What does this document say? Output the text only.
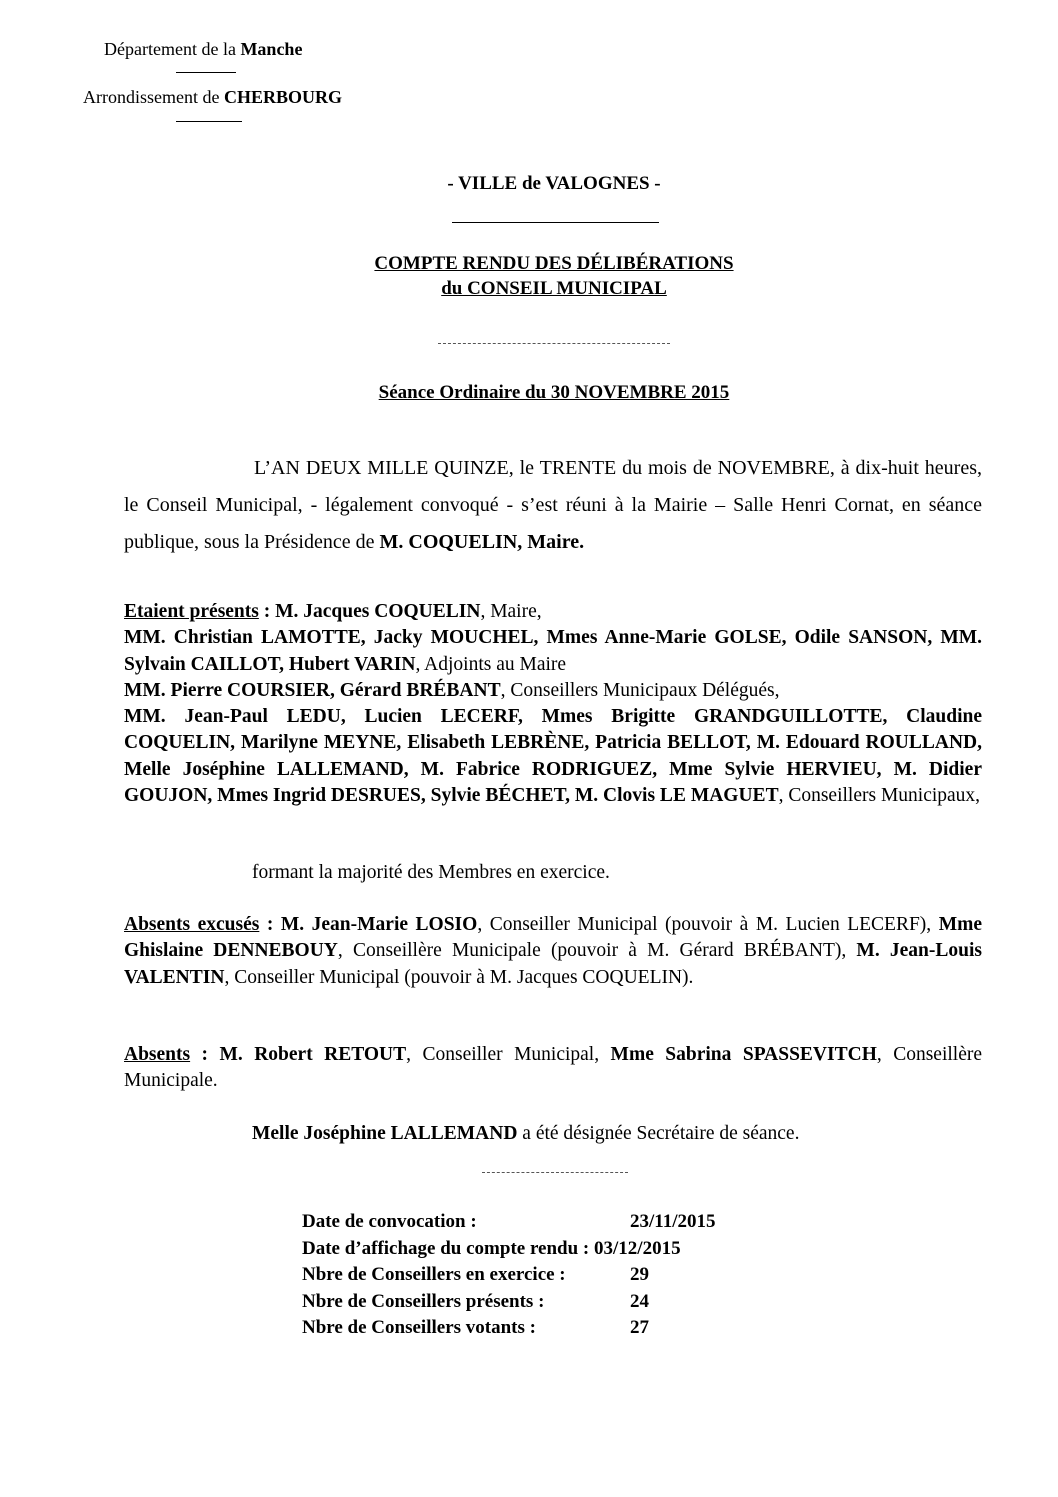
Département de la Manche
Arrondissement de CHERBOURG
- VILLE de VALOGNES -
COMPTE RENDU DES DÉLIBÉRATIONS
du CONSEIL MUNICIPAL
Séance Ordinaire du 30 NOVEMBRE 2015
L’AN DEUX MILLE QUINZE, le TRENTE du mois de NOVEMBRE, à dix-huit heures, le Conseil Municipal, - légalement convoqué - s’est réuni à la Mairie – Salle Henri Cornat, en séance publique, sous la Présidence de M. COQUELIN, Maire.
Etaient présents : M. Jacques COQUELIN, Maire,
MM. Christian LAMOTTE, Jacky MOUCHEL, Mmes Anne-Marie GOLSE, Odile SANSON, MM. Sylvain CAILLOT, Hubert VARIN, Adjoints au Maire
MM. Pierre COURSIER, Gérard BRÉBANT, Conseillers Municipaux Délégués,
MM. Jean-Paul LEDU, Lucien LECERF, Mmes Brigitte GRANDGUILLOTTE, Claudine COQUELIN, Marilyne MEYNE, Elisabeth LEBRÈNE, Patricia BELLOT, M. Edouard ROULLAND, Melle Joséphine LALLEMAND, M. Fabrice RODRIGUEZ, Mme Sylvie HERVIEU, M. Didier GOUJON, Mmes Ingrid DESRUES, Sylvie BÉCHET, M. Clovis LE MAGUET, Conseillers Municipaux,
formant la majorité des Membres en exercice.
Absents excusés : M. Jean-Marie LOSIO, Conseiller Municipal (pouvoir à M. Lucien LECERF), Mme Ghislaine DENNEBOUY, Conseillère Municipale (pouvoir à M. Gérard BRÉBANT), M. Jean-Louis VALENTIN, Conseiller Municipal (pouvoir à M. Jacques COQUELIN).
Absents : M. Robert RETOUT, Conseiller Municipal, Mme Sabrina SPASSEVITCH, Conseillère Municipale.
Melle Joséphine LALLEMAND a été désignée Secrétaire de séance.
Date de convocation :	23/11/2015
Date d’affichage du compte rendu : 03/12/2015
Nbre de Conseillers en exercice :	29
Nbre de Conseillers présents :	24
Nbre de Conseillers votants :	27
